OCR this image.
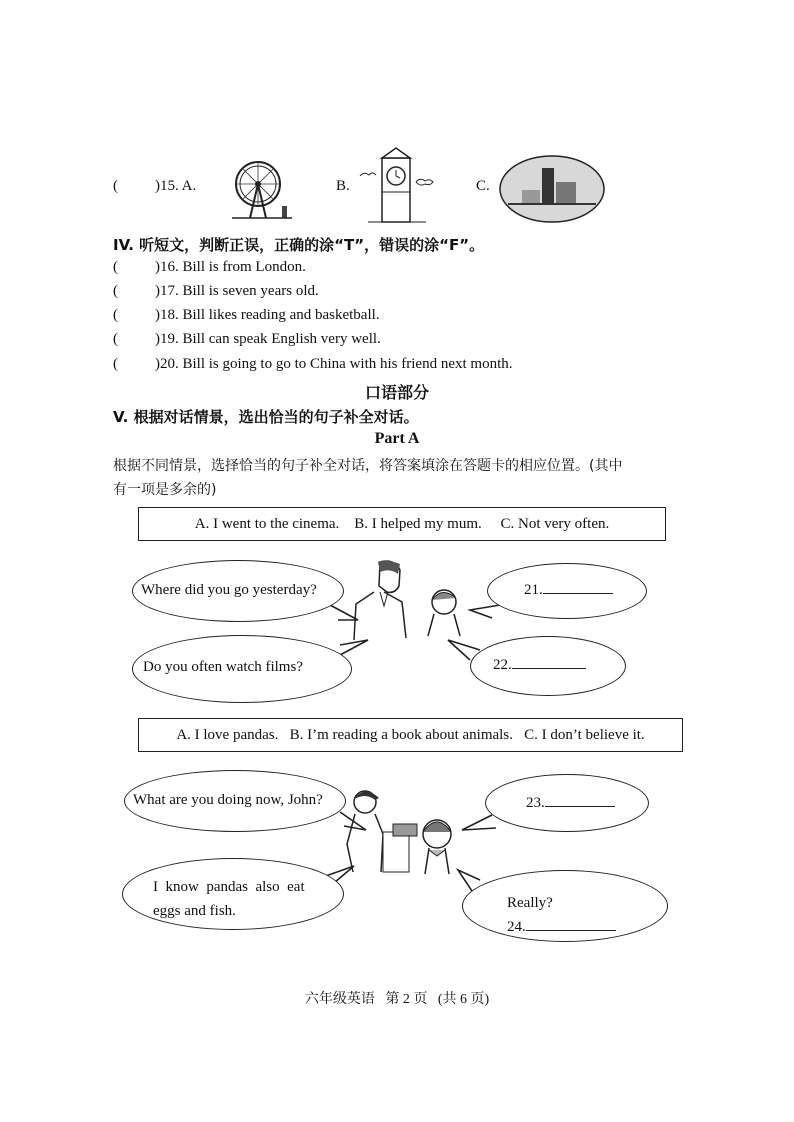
( )15. A.	B.	C.
IV. 听短文，判断正误，正确的涂“T”，错误的涂“F”。
( )16. Bill is from London.
( )17. Bill is seven years old.
( )18. Bill likes reading and basketball.
( )19. Bill can speak English very well.
( )20. Bill is going to go to China with his friend next month.
口语部分
V. 根据对话情景，选出恰当的句子补全对话。
Part A
根据不同情景，选择恰当的句子补全对话，将答案填涂在答题卡的相应位置。(其中
有一项是多余的)
A. I went to the cinema.    B. I helped my mum.     C. Not very often.
Where did you go yesterday?
Do you often watch films?
21.
22.
A. I love pandas.   B. I’m reading a book about animals.   C. I don’t believe it.
What are you doing now, John?
I  know  pandas  also  eat
eggs and fish.
23.
Really?
24.
六年级英语   第 2 页   (共 6 页)
